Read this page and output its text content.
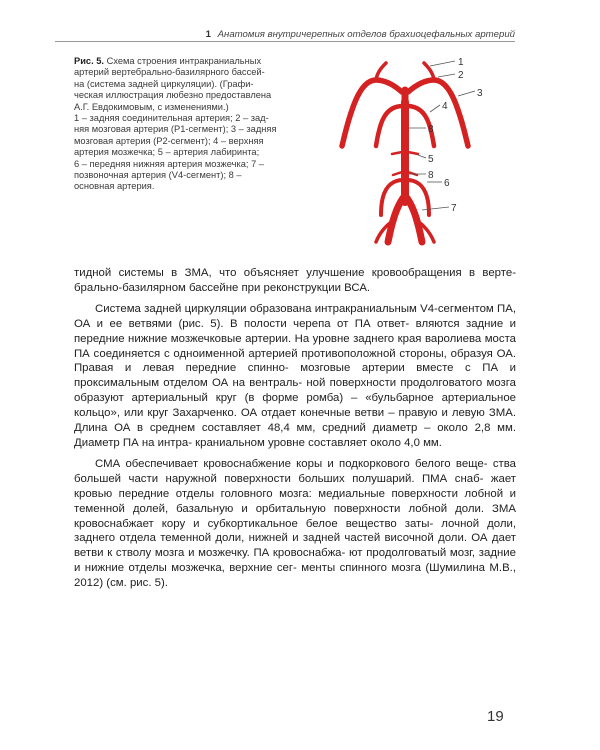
1 Анатомия внутричерепных отделов брахиоцефальных артерий

Рис. 5. Схема строения интракраниальных

артерий вертебрально-базилярного бассей-

на (система задней циркуляции). (Графи-

ческая иллюстрация любезно предоставлена

А.Г. Евдокимовым, с изменениями.)

1 – задняя соединительная артерия; 2 – зад-

няя мозговая артерия (P1-сегмент); 3 – задняя

мозговая артерия (P2-сегмент); 4 – верхняя

артерия мозжечка; 5 – артерия лабиринта;

6 – передняя нижняя артерия мозжечка; 7 –

позвоночная артерия (V4-сегмент); 8 –

основная артерия.

1
2
3
4
8
5
8
6
7

тидной системы в ЗМА, что объясняет улучшение кровообращения в верте- брально-базилярном бассейне при реконструкции ВСА.

Система задней циркуляции образована интракраниальным V4-сегментом ПА, ОА и ее ветвями (рис. 5). В полости черепа от ПА ответ- вляются задние и передние нижние мозжечковые артерии. На уровне заднего края варолиева моста ПА соединяется с одноименной артерией противоположной стороны, образуя ОА. Правая и левая передние спинно- мозговые артерии вместе с ПА и проксимальным отделом ОА на вентраль- ной поверхности продолговатого мозга образуют артериальный круг (в форме ромба) – «бульбарное артериальное кольцо», или круг Захарченко. ОА отдает конечные ветви – правую и левую ЗМА. Длина ОА в среднем составляет 48,4 мм, средний диаметр – около 2,8 мм. Диаметр ПА на интра- краниальном уровне составляет около 4,0 мм.

СМА обеспечивает кровоснабжение коры и подкоркового белого веще- ства большей части наружной поверхности больших полушарий. ПМА снаб- жает кровью передние отделы головного мозга: медиальные поверхности лобной и теменной долей, базальную и орбитальную поверхности лобной доли. ЗМА кровоснабжает кору и субкортикальное белое вещество заты- лочной доли, заднего отдела теменной доли, нижней и задней частей височной доли. ОА дает ветви к стволу мозга и мозжечку. ПА кровоснабжа- ют продолговатый мозг, задние и нижние отделы мозжечка, верхние сег- менты спинного мозга (Шумилина М.В., 2012) (см. рис. 5).

19
